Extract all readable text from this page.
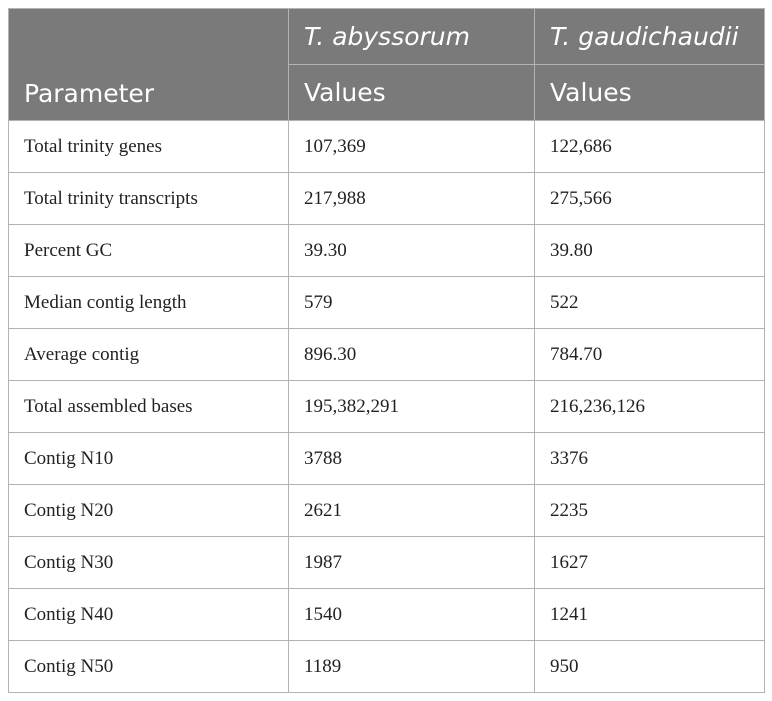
Parameter	T. abyssorum	T. gaudichaudii
	Values	Values
Total trinity genes	107,369	122,686
Total trinity transcripts	217,988	275,566
Percent GC	39.30	39.80
Median contig length	579	522
Average contig	896.30	784.70
Total assembled bases	195,382,291	216,236,126
Contig N10	3788	3376
Contig N20	2621	2235
Contig N30	1987	1627
Contig N40	1540	1241
Contig N50	1189	950
